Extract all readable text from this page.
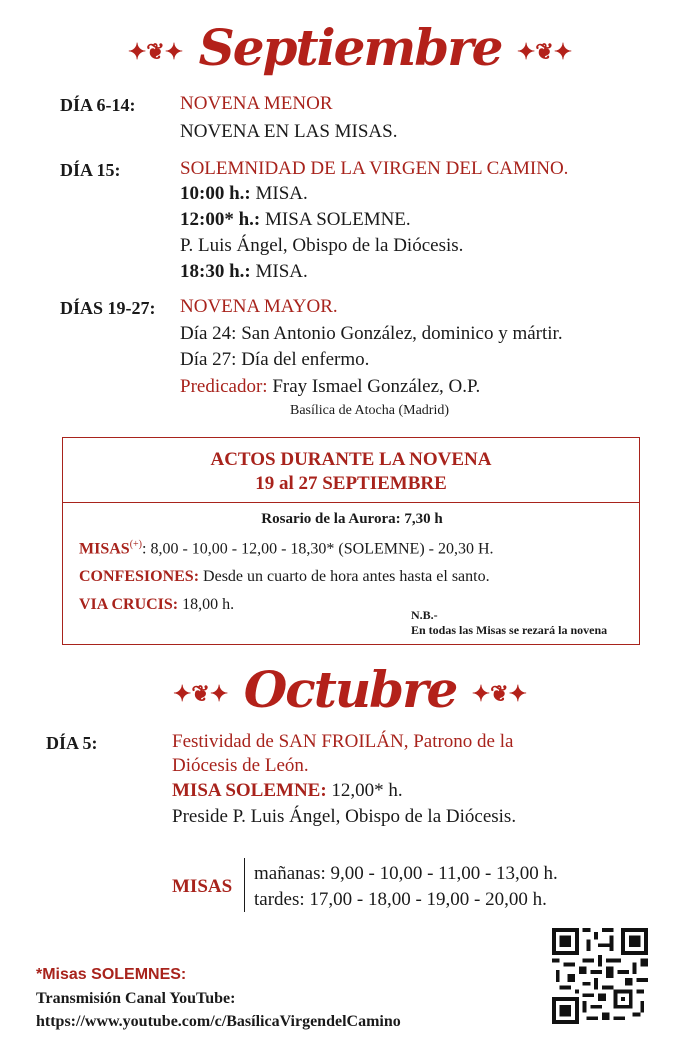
✦❦✦ Septiembre ✦❦✦
DÍA 6-14: NOVENA MENOR
NOVENA EN LAS MISAS.
DÍA 15:	SOLEMNIDAD DE LA VIRGEN DEL CAMINO.
10:00 h.: MISA.
12:00* h.: MISA SOLEMNE.
P. Luis Ángel, Obispo de la Diócesis.
18:30 h.: MISA.
DÍAS 19-27: NOVENA MAYOR.
Día 24: San Antonio González, dominico y mártir.
Día 27: Día del enfermo.
Predicador: Fray Ismael González, O.P.
Basílica de Atocha (Madrid)
ACTOS DURANTE LA NOVENA
19 al 27 SEPTIEMBRE
Rosario de la Aurora: 7,30 h
MISAS(+): 8,00 - 10,00 - 12,00 - 18,30* (SOLEMNE) - 20,30 H.
CONFESIONES: Desde un cuarto de hora antes hasta el santo.
VIA CRUCIS: 18,00 h.
N.B.-
En todas las Misas se rezará la novena
✦❦✦ Octubre ✦❦✦
DÍA 5:	Festividad de SAN FROILÁN, Patrono de la
Diócesis de León.
MISA SOLEMNE: 12,00* h.
Preside P. Luis Ángel, Obispo de la Diócesis.
MISAS
mañanas: 9,00 - 10,00 - 11,00 - 13,00 h.
tardes: 17,00 - 18,00 - 19,00 - 20,00 h.
*Misas SOLEMNES:
Transmisión Canal YouTube:
https://www.youtube.com/c/BasílicaVirgendelCamino
